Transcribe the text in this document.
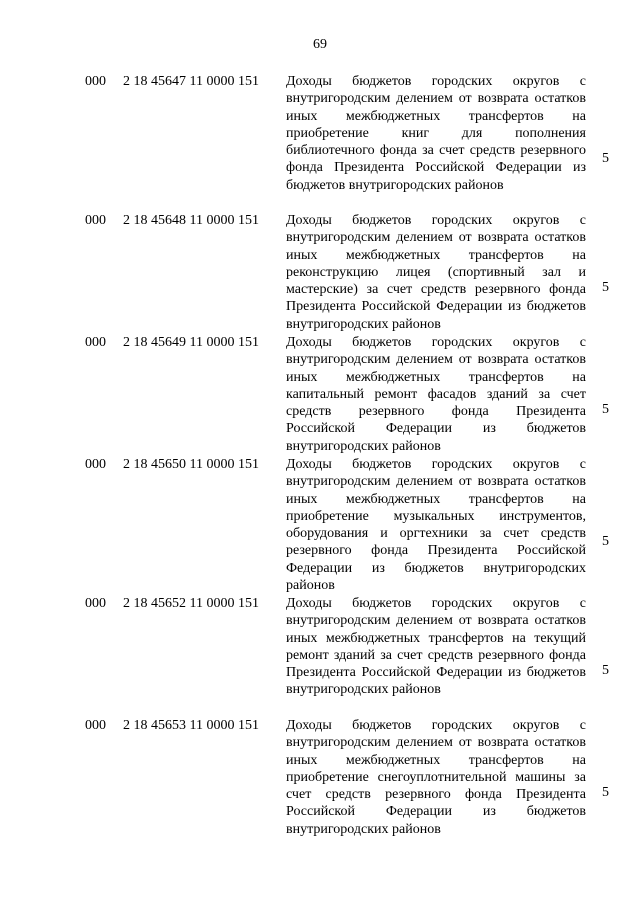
69
000 2 18 45647 11 0000 151 Доходы бюджетов городских округов с внутригородским делением от возврата остатков иных межбюджетных трансфертов на приобретение книг для пополнения библиотечного фонда за счет средств резервного фонда Президента Российской Федерации из бюджетов внутригородских районов
5
000 2 18 45648 11 0000 151 Доходы бюджетов городских округов с внутригородским делением от возврата остатков иных межбюджетных трансфертов на реконструкцию лицея (спортивный зал и мастерские) за счет средств резервного фонда Президента Российской Федерации из бюджетов внутригородских районов
5
000 2 18 45649 11 0000 151 Доходы бюджетов городских округов с внутригородским делением от возврата остатков иных межбюджетных трансфертов на капитальный ремонт фасадов зданий за счет средств резервного фонда Президента Российской Федерации из бюджетов внутригородских районов
5
000 2 18 45650 11 0000 151 Доходы бюджетов городских округов с внутригородским делением от возврата остатков иных межбюджетных трансфертов на приобретение музыкальных инструментов, оборудования и оргтехники за счет средств резервного фонда Президента Российской Федерации из бюджетов внутригородских районов
5
000 2 18 45652 11 0000 151 Доходы бюджетов городских округов с внутригородским делением от возврата остатков иных межбюджетных трансфертов на текущий ремонт зданий за счет средств резервного фонда Президента Российской Федерации из бюджетов внутригородских районов
5
000 2 18 45653 11 0000 151 Доходы бюджетов городских округов с внутригородским делением от возврата остатков иных межбюджетных трансфертов на приобретение снегоуплотнительной машины за счет средств резервного фонда Президента Российской Федерации из бюджетов внутригородских районов
5
